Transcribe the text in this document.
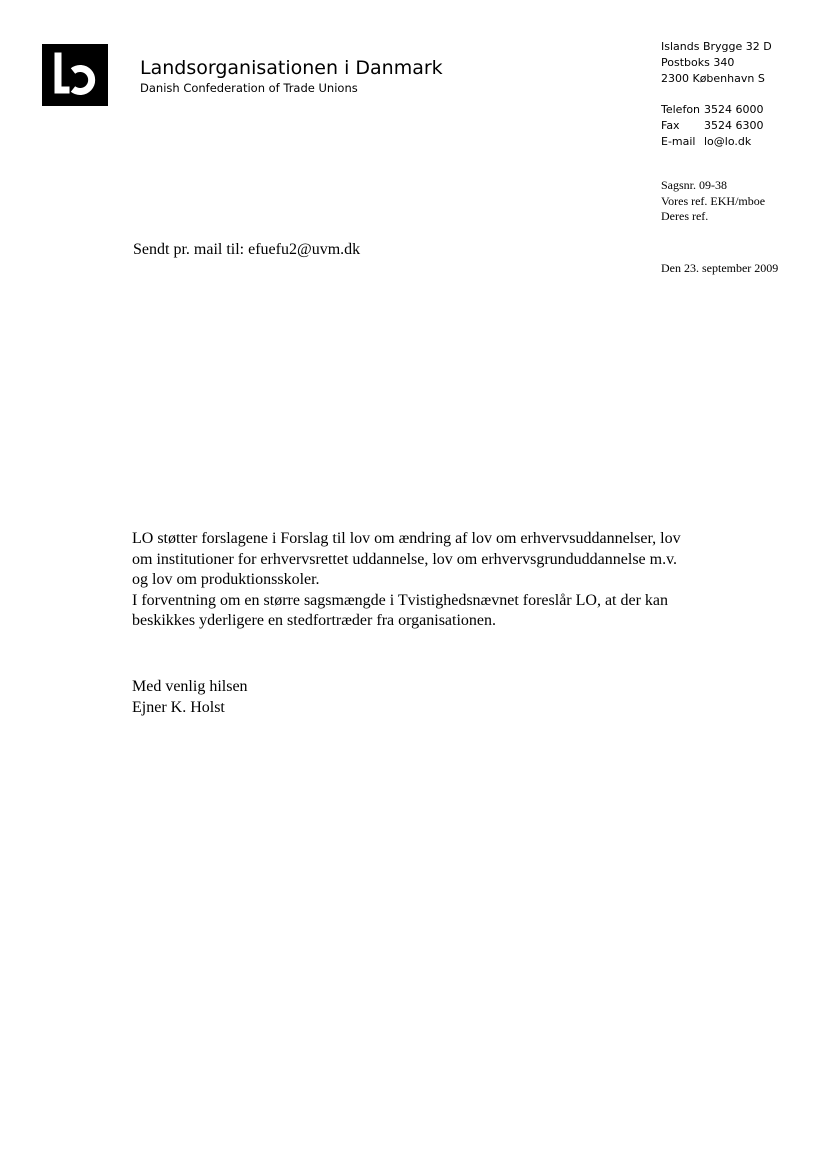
Landsorganisationen i Danmark
Danish Confederation of Trade Unions
Islands Brygge 32 D
Postboks 340
2300 København S
Telefon 3524 6000
Fax	3524 6300
E-mail lo@lo.dk
Sagsnr. 09-38
Vores ref. EKH/mboe
Deres ref.
Sendt pr. mail til: efuefu2@uvm.dk
Den 23. september 2009

LO støtter forslagene i Forslag til lov om ændring af lov om erhvervsuddannelser, lov

om institutioner for erhvervsrettet uddannelse, lov om erhvervsgrunduddannelse m.v.

og lov om produktionsskoler.

I forventning om en større sagsmængde i Tvistighedsnævnet foreslår LO, at der kan

beskikkes yderligere en stedfortræder fra organisationen.

Med venlig hilsen
Ejner K. Holst
